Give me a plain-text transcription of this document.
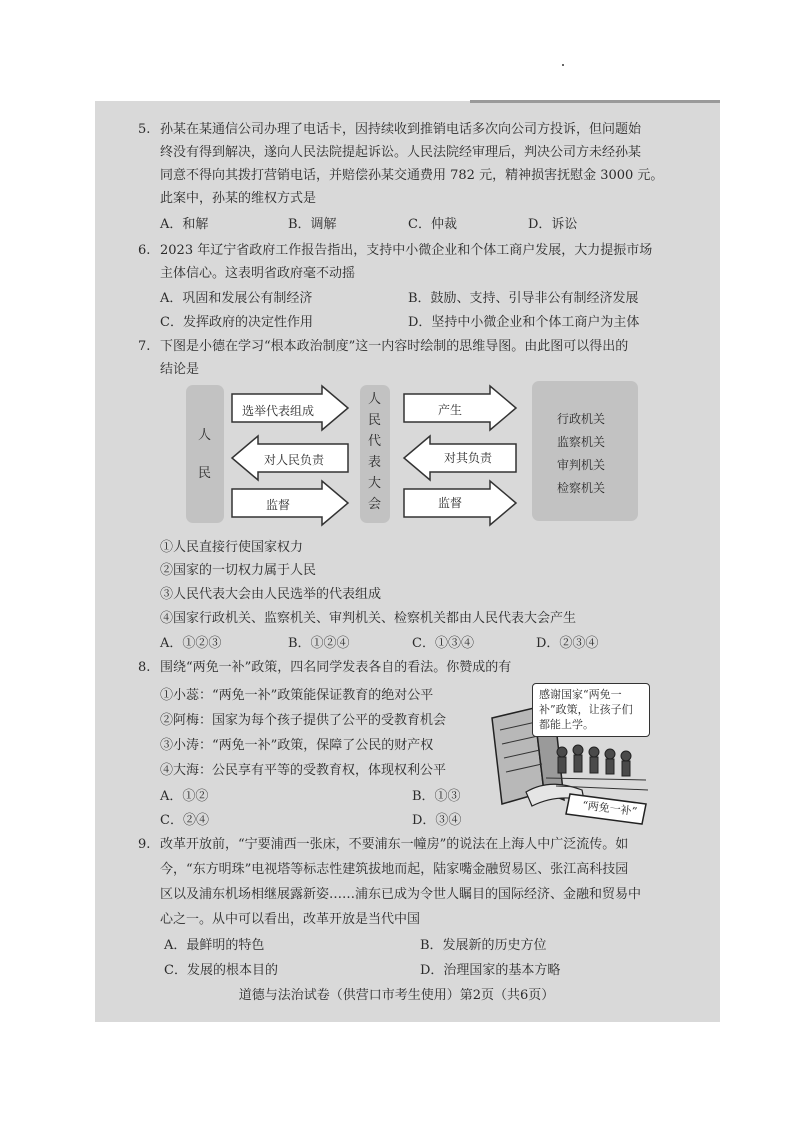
5. 孙某在某通信公司办理了电话卡，因持续收到推销电话多次向公司方投诉，但问题始
终没有得到解决，遂向人民法院提起诉讼。人民法院经审理后，判决公司方未经孙某
同意不得向其拨打营销电话，并赔偿孙某交通费用 782 元，精神损害抚慰金 3000 元。
此案中，孙某的维权方式是
A．和解	B．调解	C．仲裁	D．诉讼
6. 2023 年辽宁省政府工作报告指出，支持中小微企业和个体工商户发展，大力提振市场
主体信心。这表明省政府毫不动摇
A．巩固和发展公有制经济	B．鼓励、支持、引导非公有制经济发展
C．发挥政府的决定性作用	D．坚持中小微企业和个体工商户为主体
7. 下图是小德在学习“根本政治制度”这一内容时绘制的思维导图。由此图可以得出的
结论是
人
民
选举代表组成
对人民负责
监督
人
民
代
表
大
会
产生
对其负责
监督
行政机关
监察机关
审判机关
检察机关
①人民直接行使国家权力
②国家的一切权力属于人民
③人民代表大会由人民选举的代表组成
④国家行政机关、监察机关、审判机关、检察机关都由人民代表大会产生
A．①②③	B．①②④	C．①③④	D．②③④
8. 围绕“两免一补”政策，四名同学发表各自的看法。你赞成的有
①小蕊：“两免一补”政策能保证教育的绝对公平
②阿梅：国家为每个孩子提供了公平的受教育机会
③小涛：“两免一补”政策，保障了公民的财产权
④大海：公民享有平等的受教育权，体现权利公平
A．①②	B．①③
C．②④	D．③④
“两免一补”
感谢国家“两免一
补”政策，让孩子们
都能上学。
9. 改革开放前，“宁要浦西一张床，不要浦东一幢房”的说法在上海人中广泛流传。如
今，“东方明珠”电视塔等标志性建筑拔地而起，陆家嘴金融贸易区、张江高科技园
区以及浦东机场相继展露新姿……浦东已成为令世人瞩目的国际经济、金融和贸易中
心之一。从中可以看出，改革开放是当代中国
A．最鲜明的特色	B．发展新的历史方位
C．发展的根本目的	D．治理国家的基本方略
道德与法治试卷（供营口市考生使用）第2页（共6页）
